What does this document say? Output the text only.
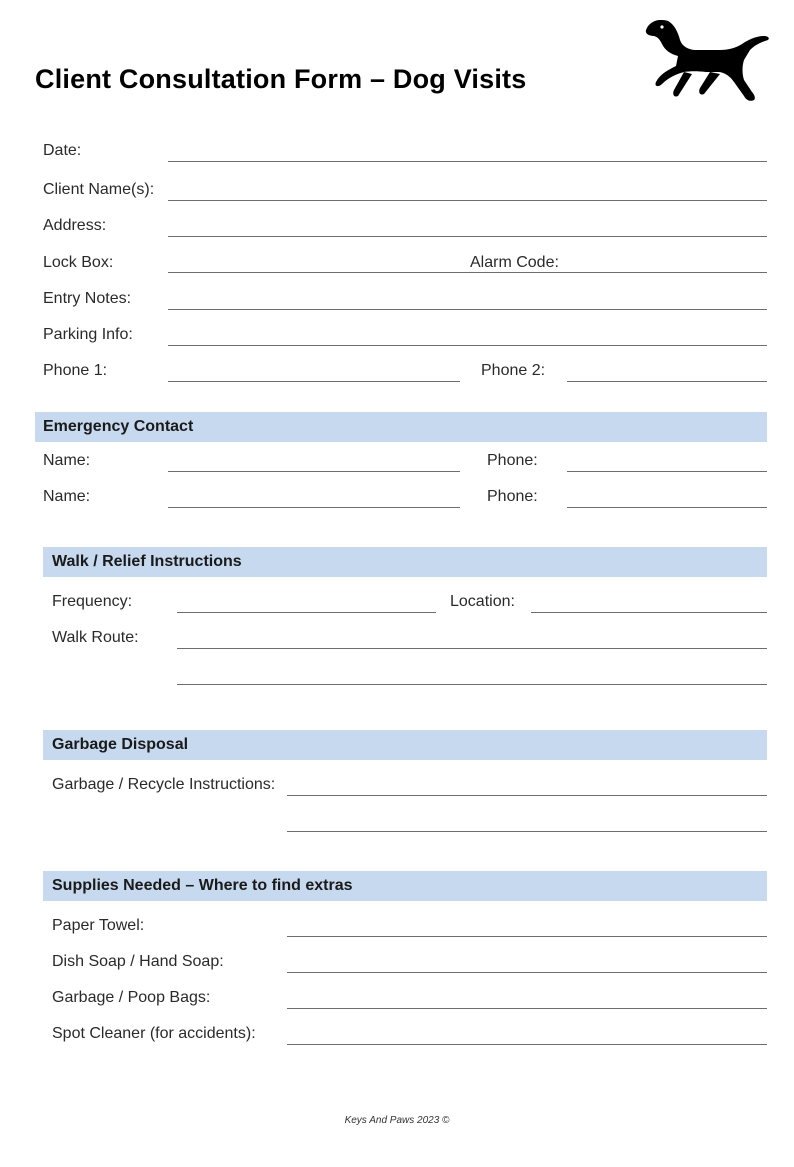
Client Consultation Form – Dog Visits
Date:
Client Name(s):
Address:
Lock Box:	Alarm Code:
Entry Notes:
Parking Info:
Phone 1:	Phone 2:
Emergency Contact
Name:	Phone:
Name:	Phone:
Walk / Relief Instructions
Frequency:	Location:
Walk Route:
Garbage Disposal
Garbage / Recycle Instructions:
Supplies Needed – Where to find extras
Paper Towel:
Dish Soap / Hand Soap:
Garbage / Poop Bags:
Spot Cleaner (for accidents):
Keys And Paws 2023 ©
